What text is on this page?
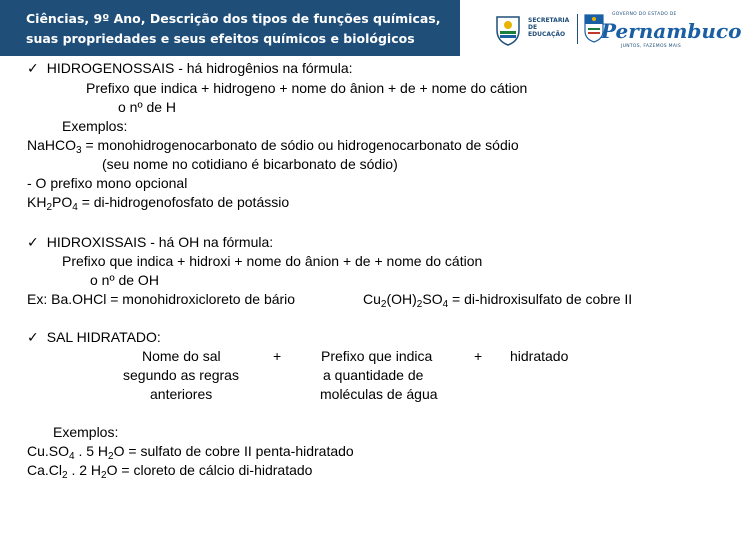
Ciências, 9º Ano, Descrição dos tipos de funções químicas,
suas propriedades e seus efeitos químicos e biológicos
SECRETARIA
DE EDUCAÇÃO
GOVERNO DO ESTADO DE
Pernambuco
JUNTOS, FAZEMOS MAIS
✓ HIDROGENOSSAIS - há hidrogênios na fórmula:
Prefixo que indica + hidrogeno + nome do ânion + de + nome do cátion
o nº de H
Exemplos:
NaHCO$_3$ = monohidrogenocarbonato de sódio ou hidrogenocarbonato de sódio
(seu nome no cotidiano é bicarbonato de sódio)
- O prefixo mono opcional
$KH_2PO_4$ = di-hidrogenofosfato de potássio
✓ HIDROXISSAIS - há OH na fórmula:
Prefixo que indica + hidroxi + nome do ânion + de + nome do cátion
o nº de OH
Ex: Ba.OHCl = monohidroxicloreto de bário	$Cu_2(OH)_2SO_4$ = di-hidroxisulfato de cobre II
✓ SAL HIDRATADO:
Nome do sal
segundo as regras
anteriores
+	Prefixo que indica
a quantidade de
moléculas de água
+ hidratado
Exemplos:
$Cu.SO_4$ . 5 $H_2O$ = sulfato de cobre II penta-hidratado
$Ca.Cl_2$ . 2 $H_2O$ = cloreto de cálcio di-hidratado
